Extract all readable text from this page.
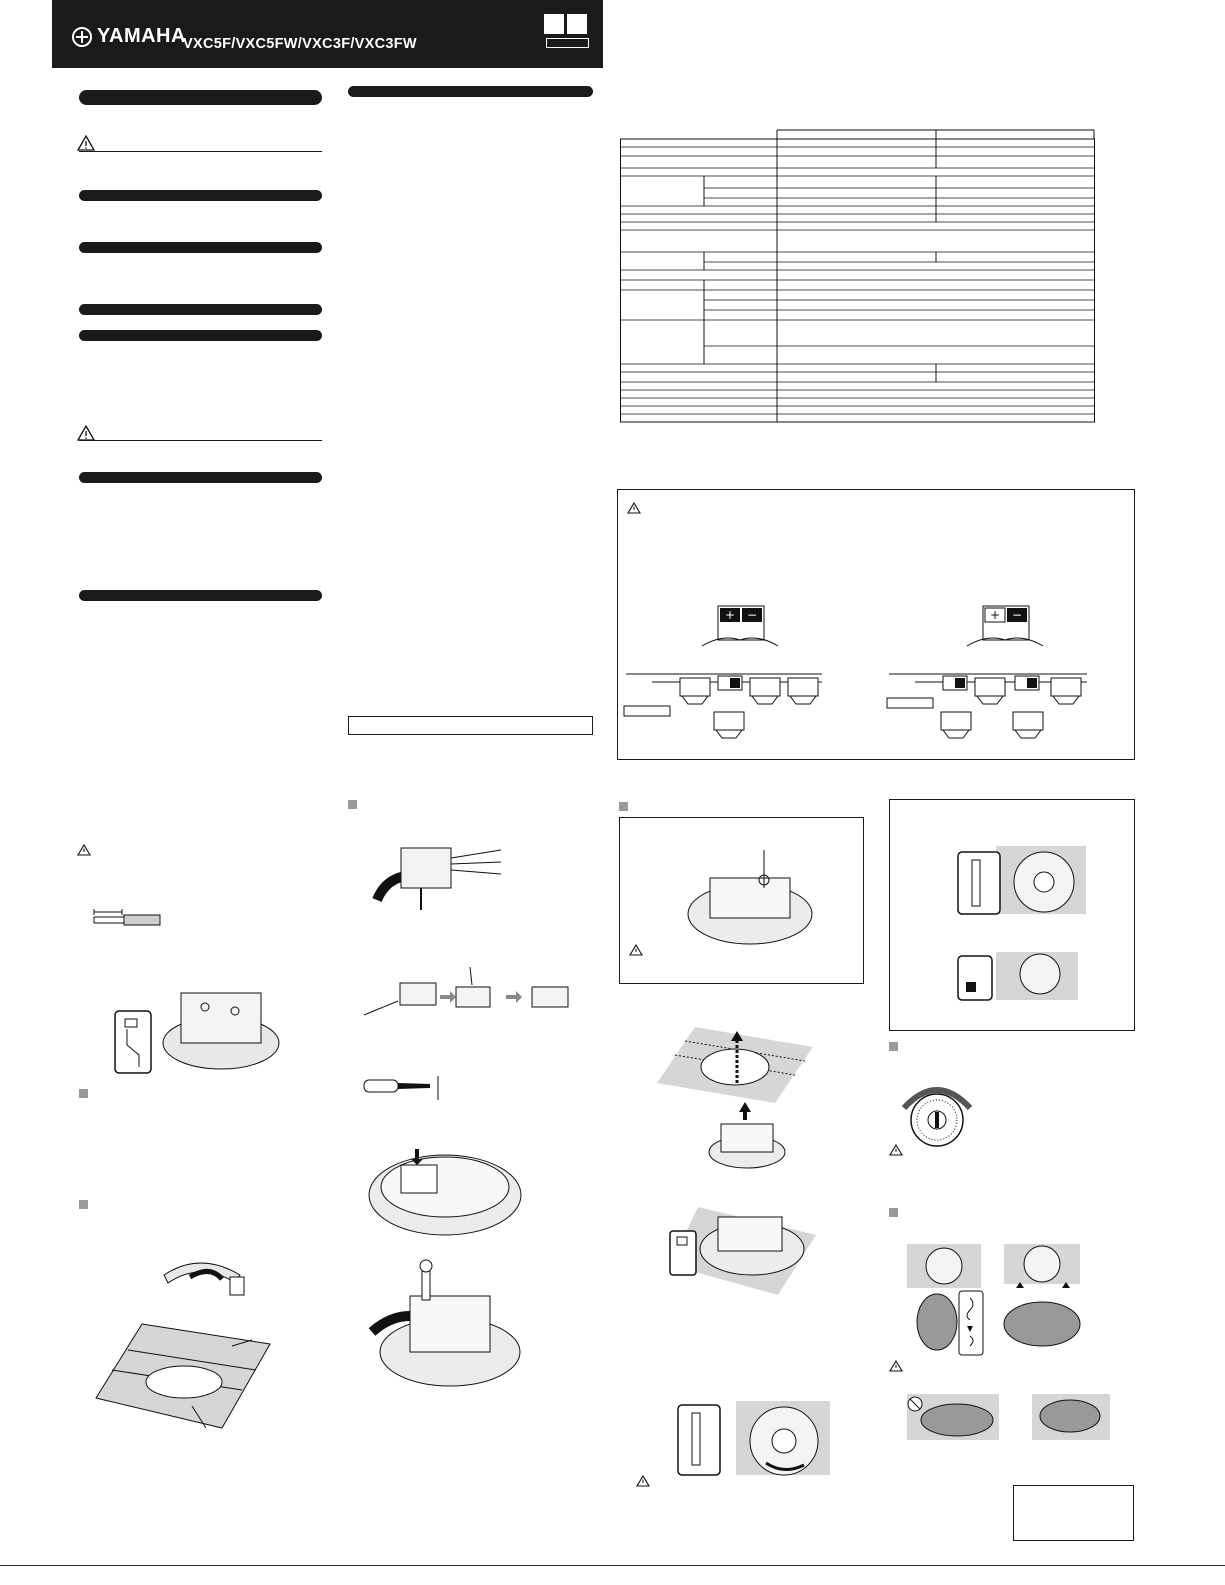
YAMAHA
VXC5F/VXC5FW/VXC3F/VXC3FW
+ −	+ −
